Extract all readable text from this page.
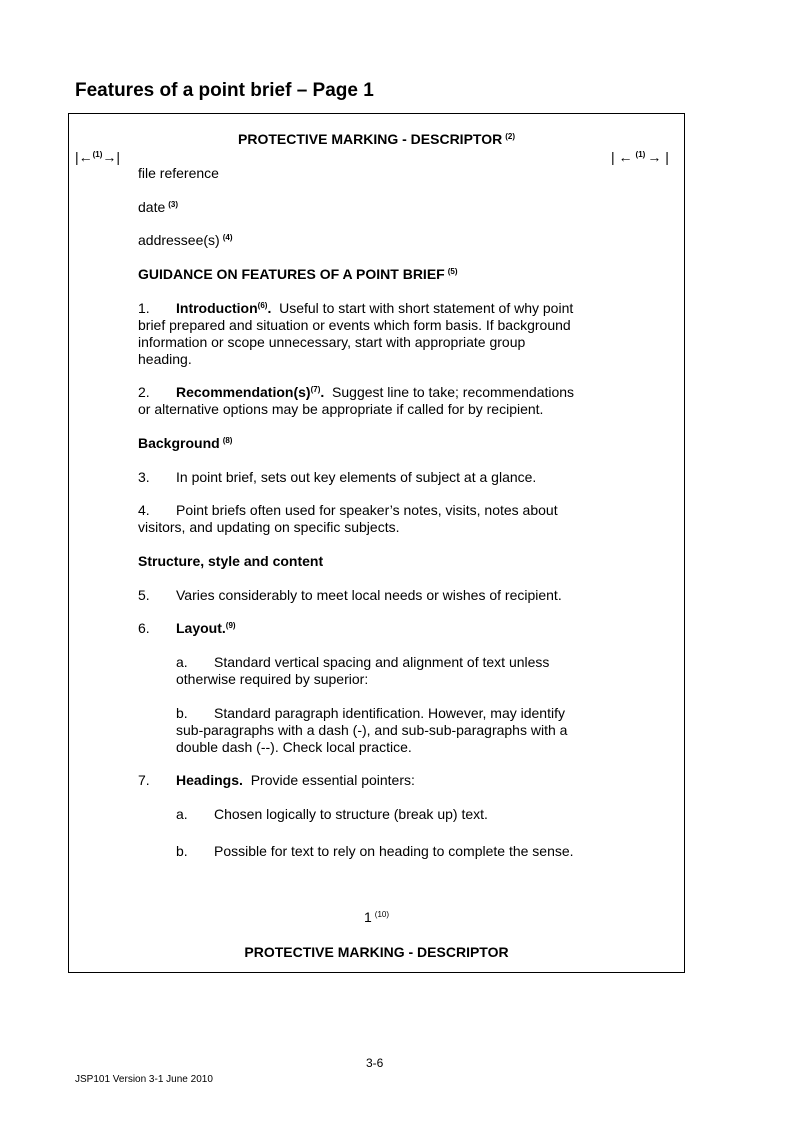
Features of a point brief – Page 1
PROTECTIVE MARKING - DESCRIPTOR $^{(2)}$
|←$^{(1)}$→|	| ← $^{(1)}$ → |
file reference
date $^{(3)}$
addressee(s) $^{(4)}$
GUIDANCE ON FEATURES OF A POINT BRIEF $^{(5)}$
1. Introduction$^{(6)}$. Useful to start with short statement of why point
brief prepared and situation or events which form basis. If background
information or scope unnecessary, start with appropriate group
heading.
2. $Recommendation(s)^{(7)}$. Suggest line to take; recommendations
or alternative options may be appropriate if called for by recipient.
Background $^{(8)}$
3. In point brief, sets out key elements of subject at a glance.
4. Point briefs often used for speaker’s notes, visits, notes about
visitors, and updating on specific subjects.
Structure, style and content
5. Varies considerably to meet local needs or wishes of recipient.
6. Layout.$^{(9)}$
a. Standard vertical spacing and alignment of text unless
otherwise required by superior:
b. Standard paragraph identification. However, may identify
sub-paragraphs with a dash (-), and sub-sub-paragraphs with a
double dash (--). Check local practice.
7. Headings. Provide essential pointers:
a. Chosen logically to structure (break up) text.
b. Possible for text to rely on heading to complete the sense.
1 $^{(10)}$
PROTECTIVE MARKING - DESCRIPTOR
3-6
JSP101 Version 3-1 June 2010
